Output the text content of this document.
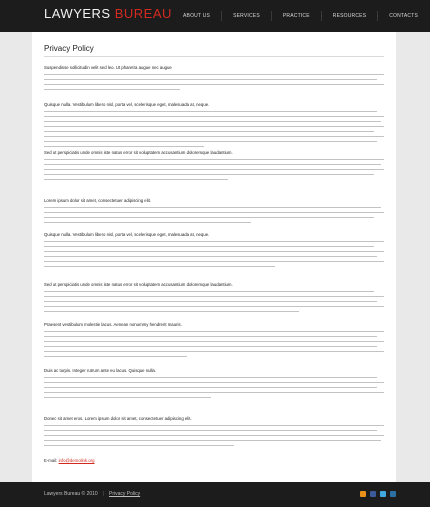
LAWYERS BUREAU ABOUT US	SERVICES	PRACTICE	RESOURCES	CONTACTS
Privacy Policy
Suspendisse sollicitudin velit sed leo. Ut pharetra augue nec augue
Quisque nulla. Vestibulum libero nisl, porta vel, scelerisque eget, malesuada at, neque.
Sed ut perspiciatis unde omnis iste natus error sit voluptatem accusantium doloremque laudantium.
Lorem ipsum dolor sit amet, consectetuer adipiscing elit.
Quisque nulla. Vestibulum libero nisl, porta vel, scelerisque eget, malesuada at, neque.
Sed ut perspiciatis unde omnis iste natus error sit voluptatem accusantium doloremque laudantium.
Praesent vestibulum molestie lacus. Aenean nonummy hendrerit mauris.
Duis ac turpis. Integer rutrum ante eu lacus. Quisque nulla.
Donec sit amet eros. Lorem ipsum dolor sit amet, consectetuer adipiscing elit.
E-mail: info@demolink.org
Lawyers Bureau © 2010 | Privacy Policy
